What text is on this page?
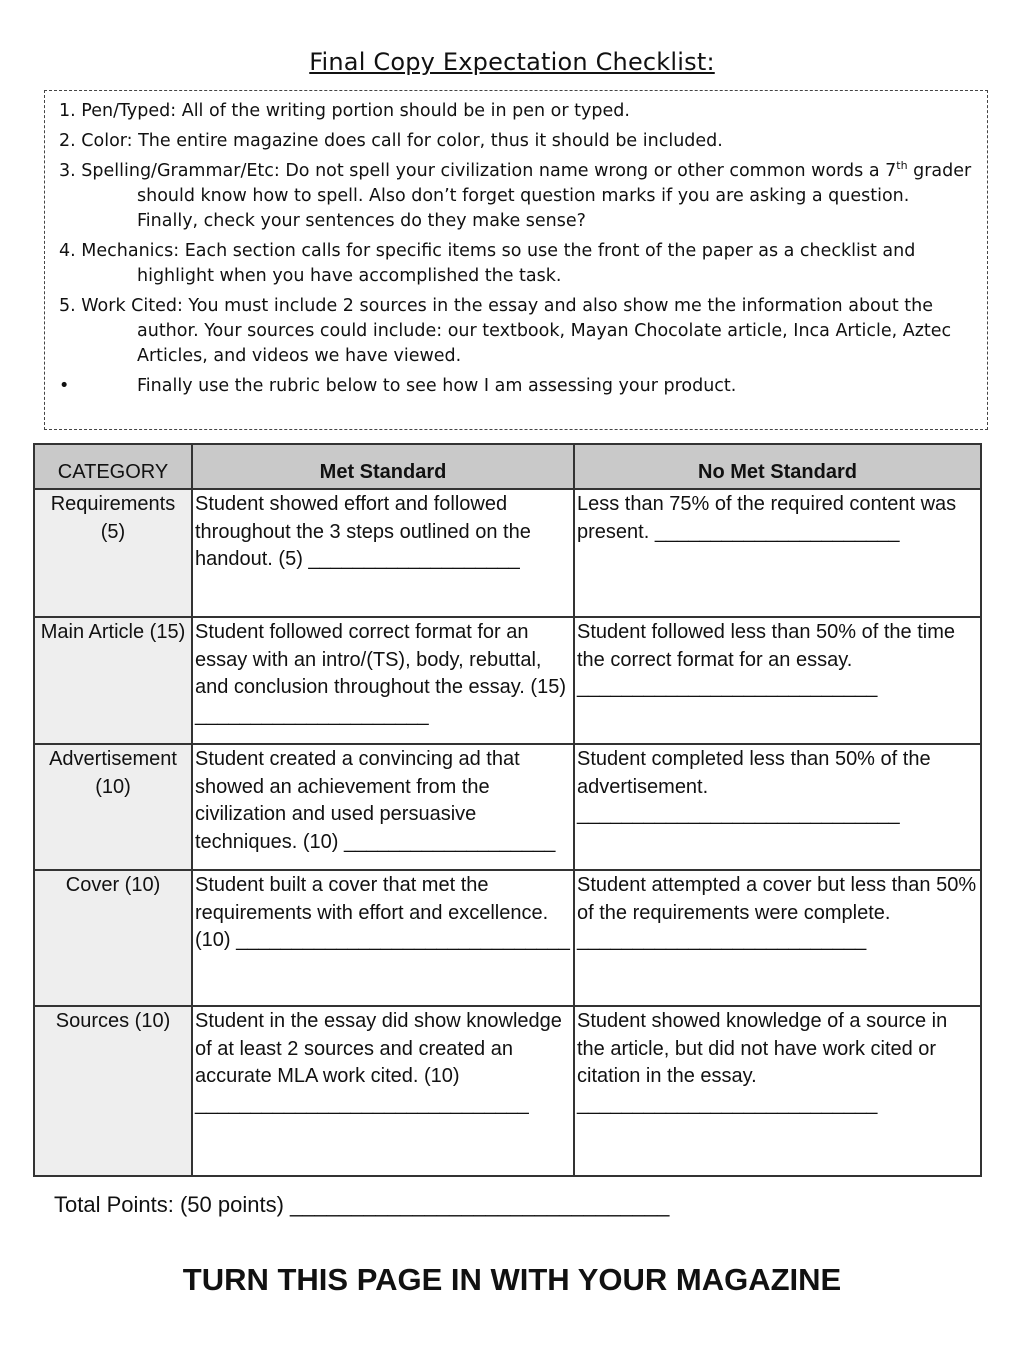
Final Copy Expectation Checklist:
1. Pen/Typed: All of the writing portion should be in pen or typed.
2. Color: The entire magazine does call for color, thus it should be included.
3. Spelling/Grammar/Etc: Do not spell your civilization name wrong or other common words a 7th grader should know how to spell. Also don’t forget question marks if you are asking a question. Finally, check your sentences do they make sense?
4. Mechanics: Each section calls for specific items so use the front of the paper as a checklist and highlight when you have accomplished the task.
5. Work Cited: You must include 2 sources in the essay and also show me the information about the author. Your sources could include: our textbook, Mayan Chocolate article, Inca Article, Aztec Articles, and videos we have viewed.
•	Finally use the rubric below to see how I am assessing your product.
CATEGORY	Met Standard	No Met Standard
Requirements (5)	Student showed effort and followed throughout the 3 steps outlined on the handout. (5) ___________________	Less than 75% of the required content was present. ______________________
Main Article (15)	Student followed correct format for an essay with an intro/(TS), body, rebuttal, and conclusion throughout the essay. (15) _____________________	Student followed less than 50% of the time the correct format for an essay. ___________________________
Advertisement (10)	Student created a convincing ad that showed an achievement from the civilization and used persuasive techniques. (10) ___________________	Student completed less than 50% of the advertisement. _____________________________
Cover (10)	Student built a cover that met the requirements with effort and excellence. (10) ______________________________	Student attempted a cover but less than 50% of the requirements were complete. __________________________
Sources (10)	Student in the essay did show knowledge of at least 2 sources and created an accurate MLA work cited. (10) ______________________________	Student showed knowledge of a source in the article, but did not have work cited or citation in the essay. ___________________________
Total Points: (50 points) _______________________________
TURN THIS PAGE IN WITH YOUR MAGAZINE
